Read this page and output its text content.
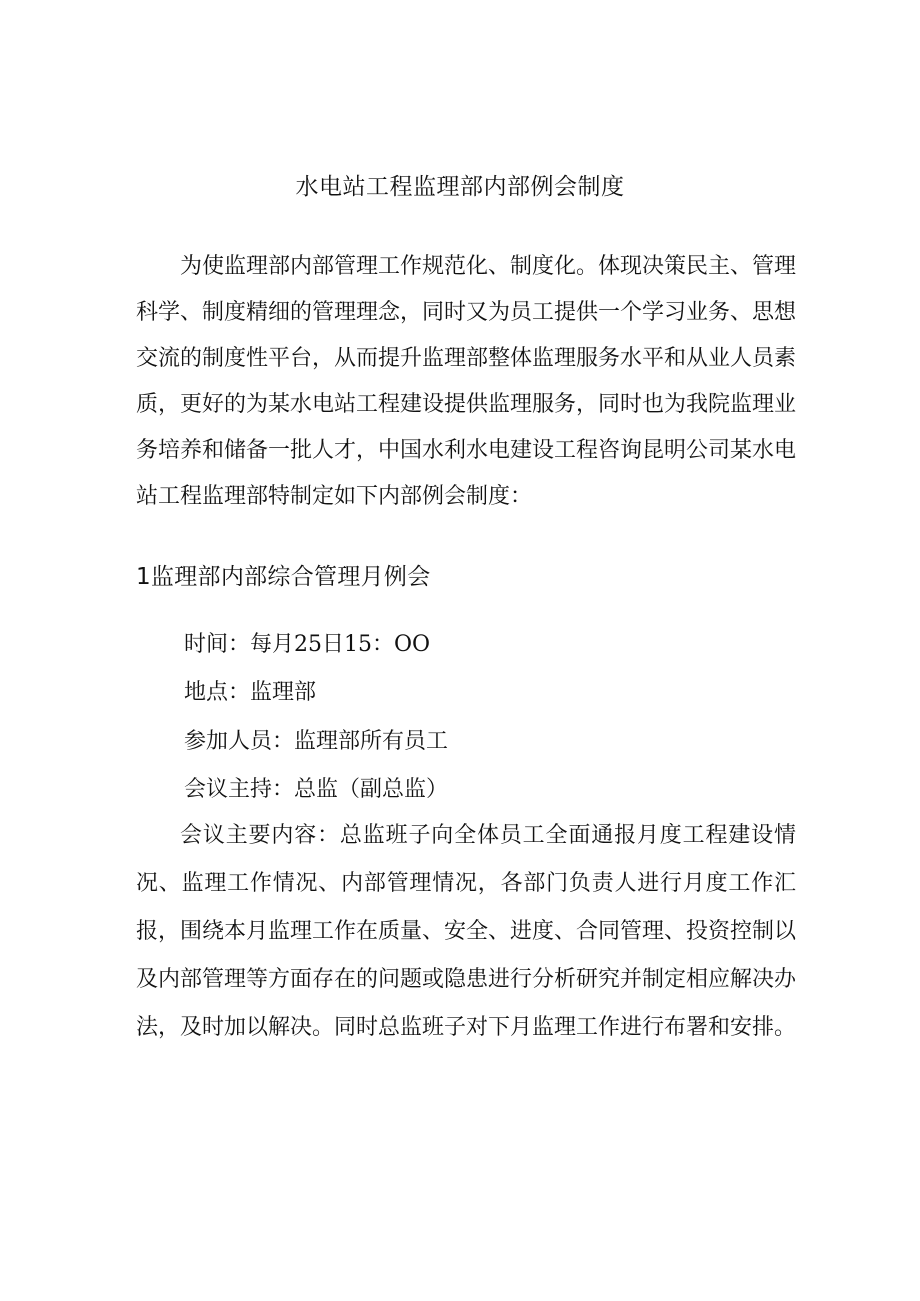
水电站工程监理部内部例会制度

为使监理部内部管理工作规范化、制度化。体现决策民主、管理科学、制度精细的管理理念，同时又为员工提供一个学习业务、思想交流的制度性平台，从而提升监理部整体监理服务水平和从业人员素质，更好的为某水电站工程建设提供监理服务，同时也为我院监理业务培养和储备一批人才，中国水利水电建设工程咨询昆明公司某水电站工程监理部特制定如下内部例会制度：

1监理部内部综合管理月例会
时间：每月25日15：OO
地点：监理部
参加人员：监理部所有员工
会议主持：总监（副总监）

会议主要内容：总监班子向全体员工全面通报月度工程建设情况、监理工作情况、内部管理情况，各部门负责人进行月度工作汇报，围绕本月监理工作在质量、安全、进度、合同管理、投资控制以及内部管理等方面存在的问题或隐患进行分析研究并制定相应解决办法，及时加以解决。同时总监班子对下月监理工作进行布署和安排。
